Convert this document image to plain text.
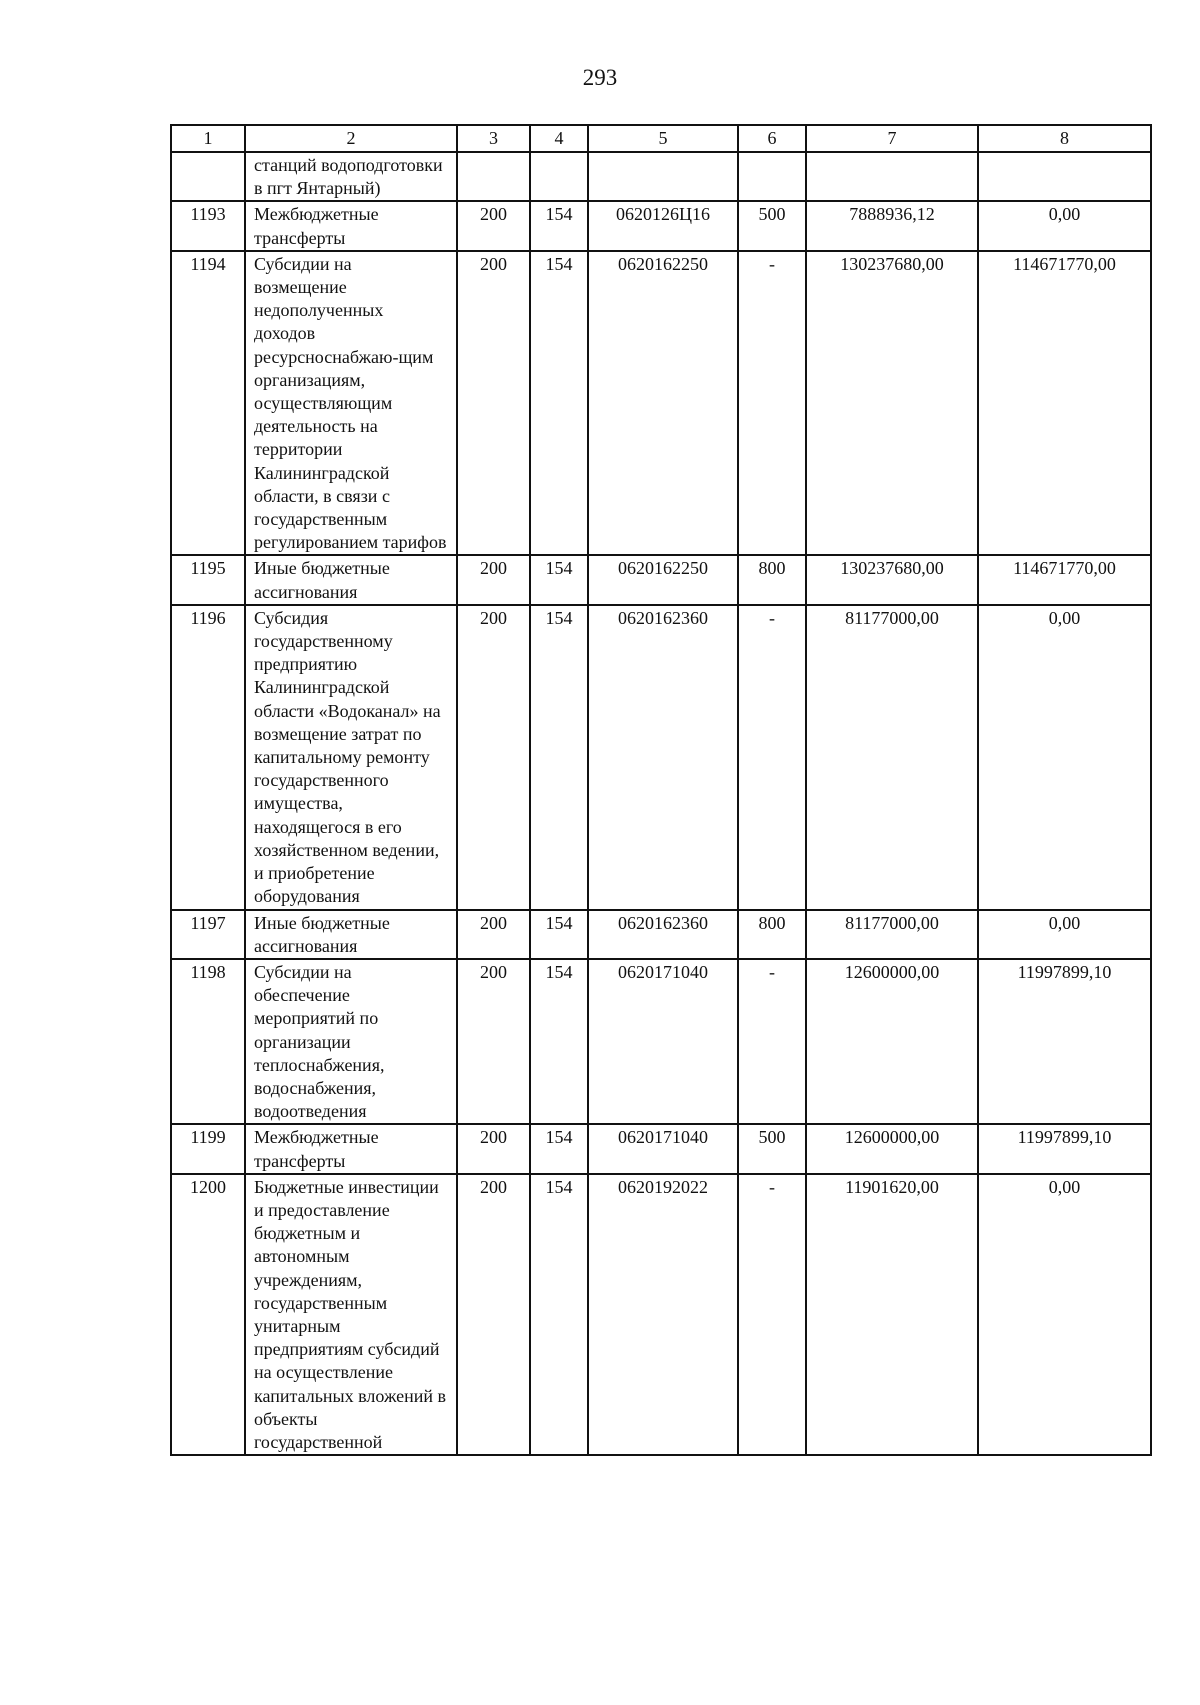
293
1	2	3	4	5	6	7	8
	станций водоподготовки в пгт Янтарный)						
1193	Межбюджетные трансферты	200	154	0620126Ц16	500	7888936,12	0,00
1194	Субсидии на возмещение недополученных доходов ресурсноснабжаю-щим организациям, осуществляющим деятельность на территории Калининградской области, в связи с государственным регулированием тарифов	200	154	0620162250	-	130237680,00	114671770,00
1195	Иные бюджетные ассигнования	200	154	0620162250	800	130237680,00	114671770,00
1196	Субсидия государственному предприятию Калининградской области «Водоканал» на возмещение затрат по капитальному ремонту государственного имущества, находящегося в его хозяйственном ведении, и приобретение оборудования	200	154	0620162360	-	81177000,00	0,00
1197	Иные бюджетные ассигнования	200	154	0620162360	800	81177000,00	0,00
1198	Субсидии на обеспечение мероприятий по организации теплоснабжения, водоснабжения, водоотведения	200	154	0620171040	-	12600000,00	11997899,10
1199	Межбюджетные трансферты	200	154	0620171040	500	12600000,00	11997899,10
1200	Бюджетные инвестиции и предоставление бюджетным и автономным учреждениям, государственным унитарным предприятиям субсидий на осуществление капитальных вложений в объекты государственной	200	154	0620192022	-	11901620,00	0,00
